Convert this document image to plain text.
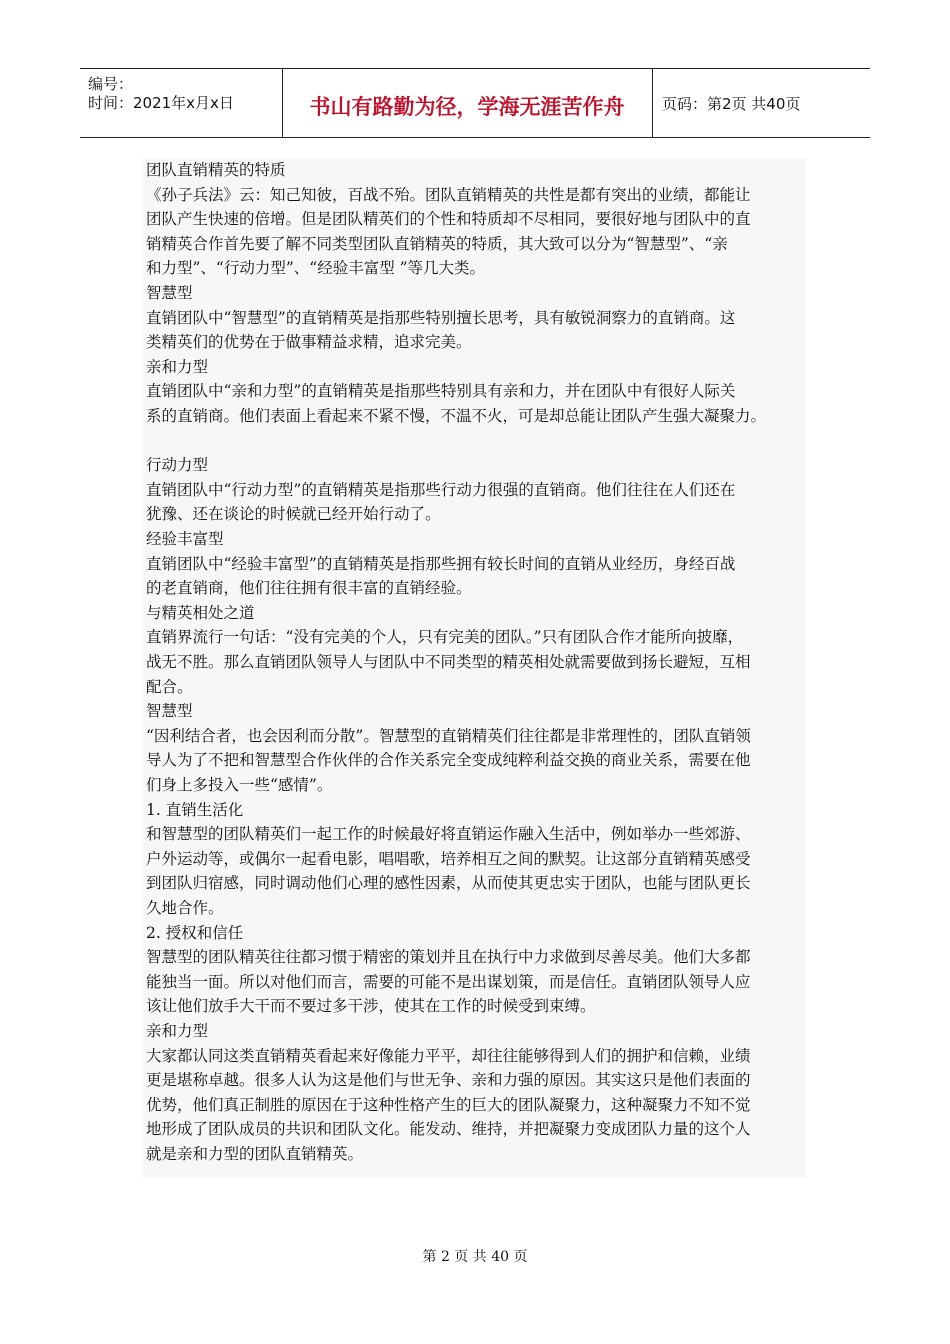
编号：
时间：2021年x月x日	书山有路勤为径，学海无涯苦作舟	页码：第2页 共40页
团队直销精英的特质
《孙子兵法》云：知己知彼，百战不殆。团队直销精英的共性是都有突出的业绩，都能让
团队产生快速的倍增。但是团队精英们的个性和特质却不尽相同，要很好地与团队中的直
销精英合作首先要了解不同类型团队直销精英的特质，其大致可以分为“智慧型”、“亲
和力型”、“行动力型”、“经验丰富型 ”等几大类。
智慧型
直销团队中“智慧型”的直销精英是指那些特别擅长思考，具有敏锐洞察力的直销商。这
类精英们的优势在于做事精益求精，追求完美。
亲和力型
直销团队中“亲和力型”的直销精英是指那些特别具有亲和力，并在团队中有很好人际关
系的直销商。他们表面上看起来不紧不慢，不温不火，可是却总能让团队产生强大凝聚力。
行动力型
直销团队中“行动力型”的直销精英是指那些行动力很强的直销商。他们往往在人们还在
犹豫、还在谈论的时候就已经开始行动了。
经验丰富型
直销团队中“经验丰富型”的直销精英是指那些拥有较长时间的直销从业经历，身经百战
的老直销商，他们往往拥有很丰富的直销经验。
与精英相处之道
直销界流行一句话：“没有完美的个人，只有完美的团队。”只有团队合作才能所向披靡，
战无不胜。那么直销团队领导人与团队中不同类型的精英相处就需要做到扬长避短，互相
配合。
智慧型
“因利结合者，也会因利而分散”。智慧型的直销精英们往往都是非常理性的，团队直销领
导人为了不把和智慧型合作伙伴的合作关系完全变成纯粹利益交换的商业关系，需要在他
们身上多投入一些“感情”。
1. 直销生活化
和智慧型的团队精英们一起工作的时候最好将直销运作融入生活中，例如举办一些郊游、
户外运动等，或偶尔一起看电影，唱唱歌，培养相互之间的默契。让这部分直销精英感受
到团队归宿感，同时调动他们心理的感性因素，从而使其更忠实于团队，也能与团队更长
久地合作。
2. 授权和信任
智慧型的团队精英往往都习惯于精密的策划并且在执行中力求做到尽善尽美。他们大多都
能独当一面。所以对他们而言，需要的可能不是出谋划策，而是信任。直销团队领导人应
该让他们放手大干而不要过多干涉，使其在工作的时候受到束缚。
亲和力型
大家都认同这类直销精英看起来好像能力平平，却往往能够得到人们的拥护和信赖，业绩
更是堪称卓越。很多人认为这是他们与世无争、亲和力强的原因。其实这只是他们表面的
优势，他们真正制胜的原因在于这种性格产生的巨大的团队凝聚力，这种凝聚力不知不觉
地形成了团队成员的共识和团队文化。能发动、维持，并把凝聚力变成团队力量的这个人
就是亲和力型的团队直销精英。
第 2 页 共 40 页
